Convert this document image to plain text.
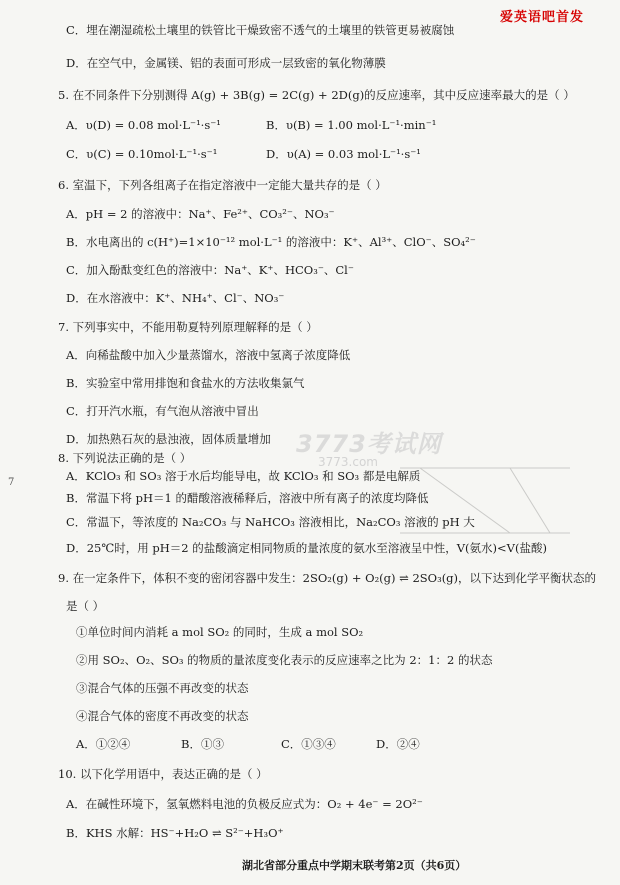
爱英语吧首发
C．埋在潮湿疏松土壤里的铁管比干燥致密不透气的土壤里的铁管更易被腐蚀
D．在空气中，金属镁、铝的表面可形成一层致密的氧化物薄膜
5. 在不同条件下分别测得 A(g) + 3B(g) = 2C(g) + 2D(g)的反应速率，其中反应速率最大的是（ ）
A．υ(D) = 0.08 mol·L⁻¹·s⁻¹	B．υ(B) = 1.00 mol·L⁻¹·min⁻¹
C．υ(C) = 0.10mol·L⁻¹·s⁻¹	D．υ(A) = 0.03 mol·L⁻¹·s⁻¹
6. 室温下，下列各组离子在指定溶液中一定能大量共存的是（ ）
A．pH = 2 的溶液中：Na⁺、Fe²⁺、CO₃²⁻、NO₃⁻
B．水电离出的 c(H⁺)=1×10⁻¹² mol·L⁻¹ 的溶液中：K⁺、Al³⁺、ClO⁻、SO₄²⁻
C．加入酚酞变红色的溶液中：Na⁺、K⁺、HCO₃⁻、Cl⁻
D．在水溶液中：K⁺、NH₄⁺、Cl⁻、NO₃⁻
7. 下列事实中，不能用勒夏特列原理解释的是（ ）
A．向稀盐酸中加入少量蒸馏水，溶液中氢离子浓度降低
B．实验室中常用排饱和食盐水的方法收集氯气
C．打开汽水瓶，有气泡从溶液中冒出
D．加热熟石灰的悬浊液，固体质量增加
8. 下列说法正确的是（ ）	3773考试网
3773.com
7	A．KClO₃ 和 SO₃ 溶于水后均能导电，故 KClO₃ 和 SO₃ 都是电解质
B．常温下将 pH＝1 的醋酸溶液稀释后，溶液中所有离子的浓度均降低
C．常温下，等浓度的 Na₂CO₃ 与 NaHCO₃ 溶液相比，Na₂CO₃ 溶液的 pH 大
D．25℃时，用 pH＝2 的盐酸滴定相同物质的量浓度的氨水至溶液呈中性，V(氨水)<V(盐酸)
9. 在一定条件下，体积不变的密闭容器中发生：2SO₂(g) + O₂(g) ⇌ 2SO₃(g)，以下达到化学平衡状态的
是（ ）
①单位时间内消耗 a mol SO₂ 的同时，生成 a mol SO₂
②用 SO₂、O₂、SO₃ 的物质的量浓度变化表示的反应速率之比为 2：1：2 的状态
③混合气体的压强不再改变的状态
④混合气体的密度不再改变的状态
A．①②④	B．①③	C．①③④	D．②④
10. 以下化学用语中，表达正确的是（ ）
A．在碱性环境下，氢氧燃料电池的负极反应式为：O₂ + 4e⁻ = 2O²⁻
B．KHS 水解：HS⁻+H₂O ⇌ S²⁻+H₃O⁺
湖北省部分重点中学期末联考第2页（共6页）
